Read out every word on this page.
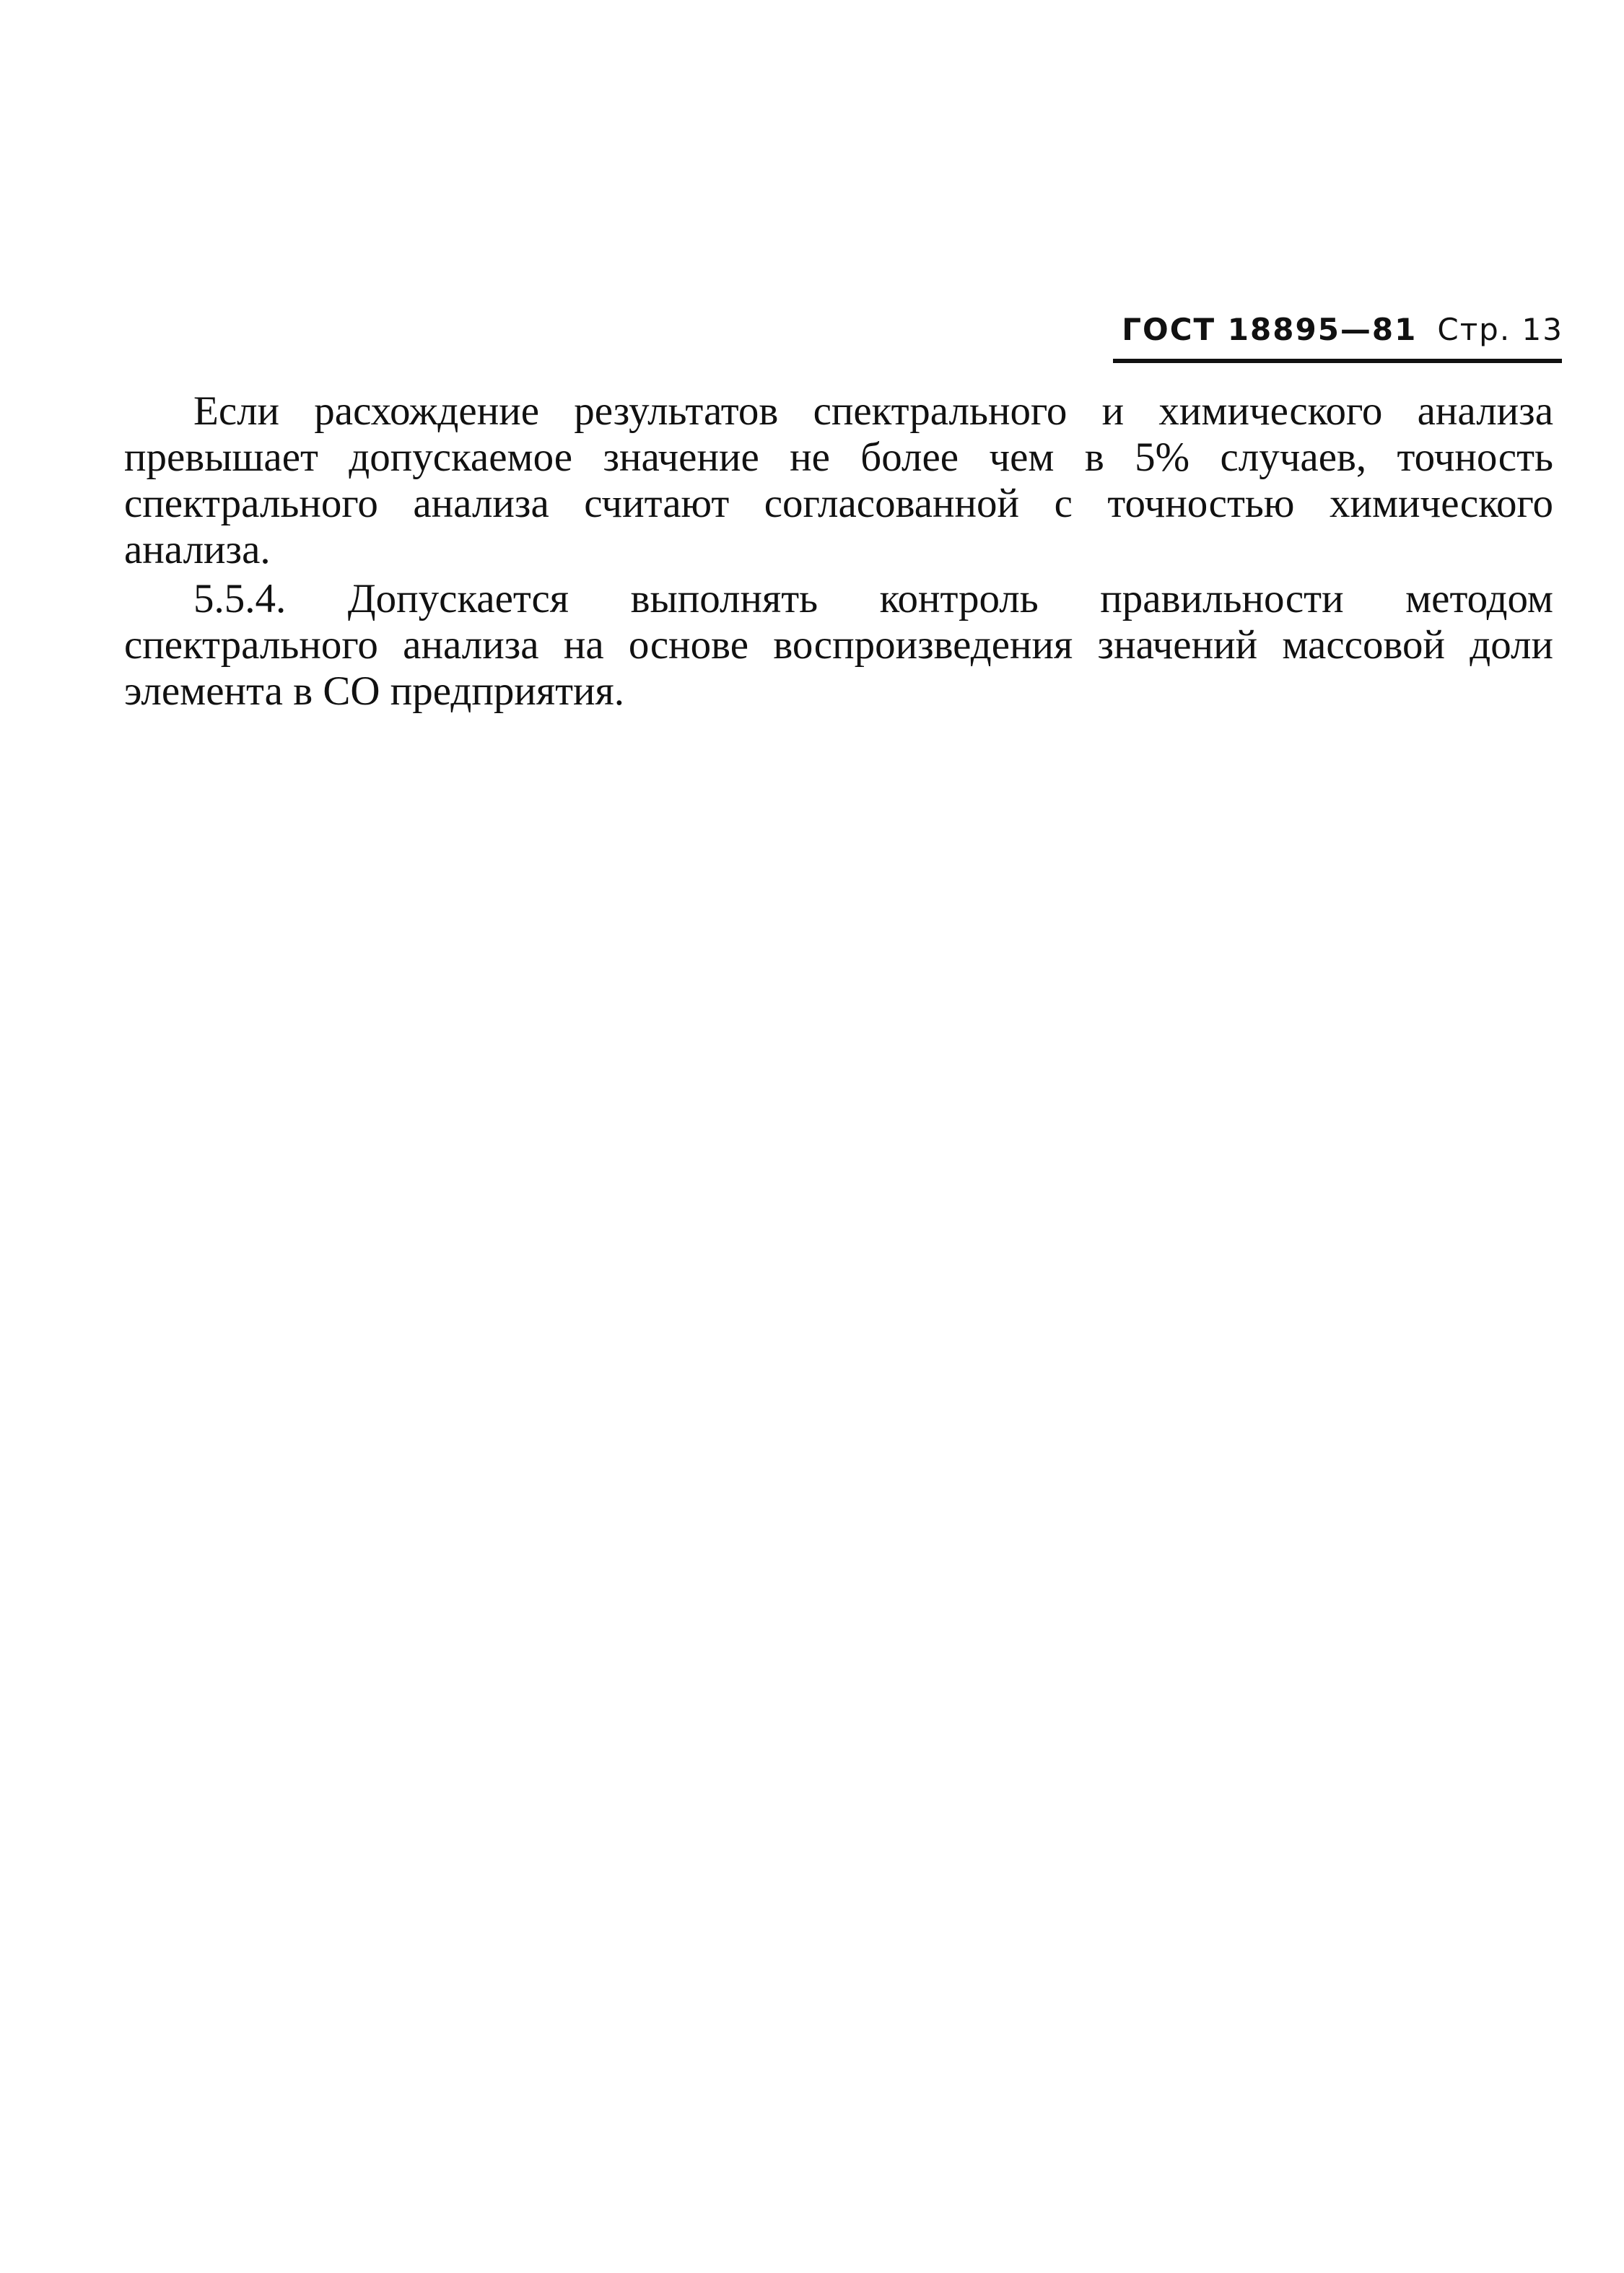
ГОСТ 18895—81 Стр. 13

Если расхождение результатов спектрального и химического анализа превышает допускаемое значение не более чем в 5% случаев, точность спектрального анализа считают согласованной с точностью химического анализа.

5.5.4. Допускается выполнять контроль правильности методом спектрального анализа на основе воспроизведения значений массовой доли элемента в СО предприятия.
